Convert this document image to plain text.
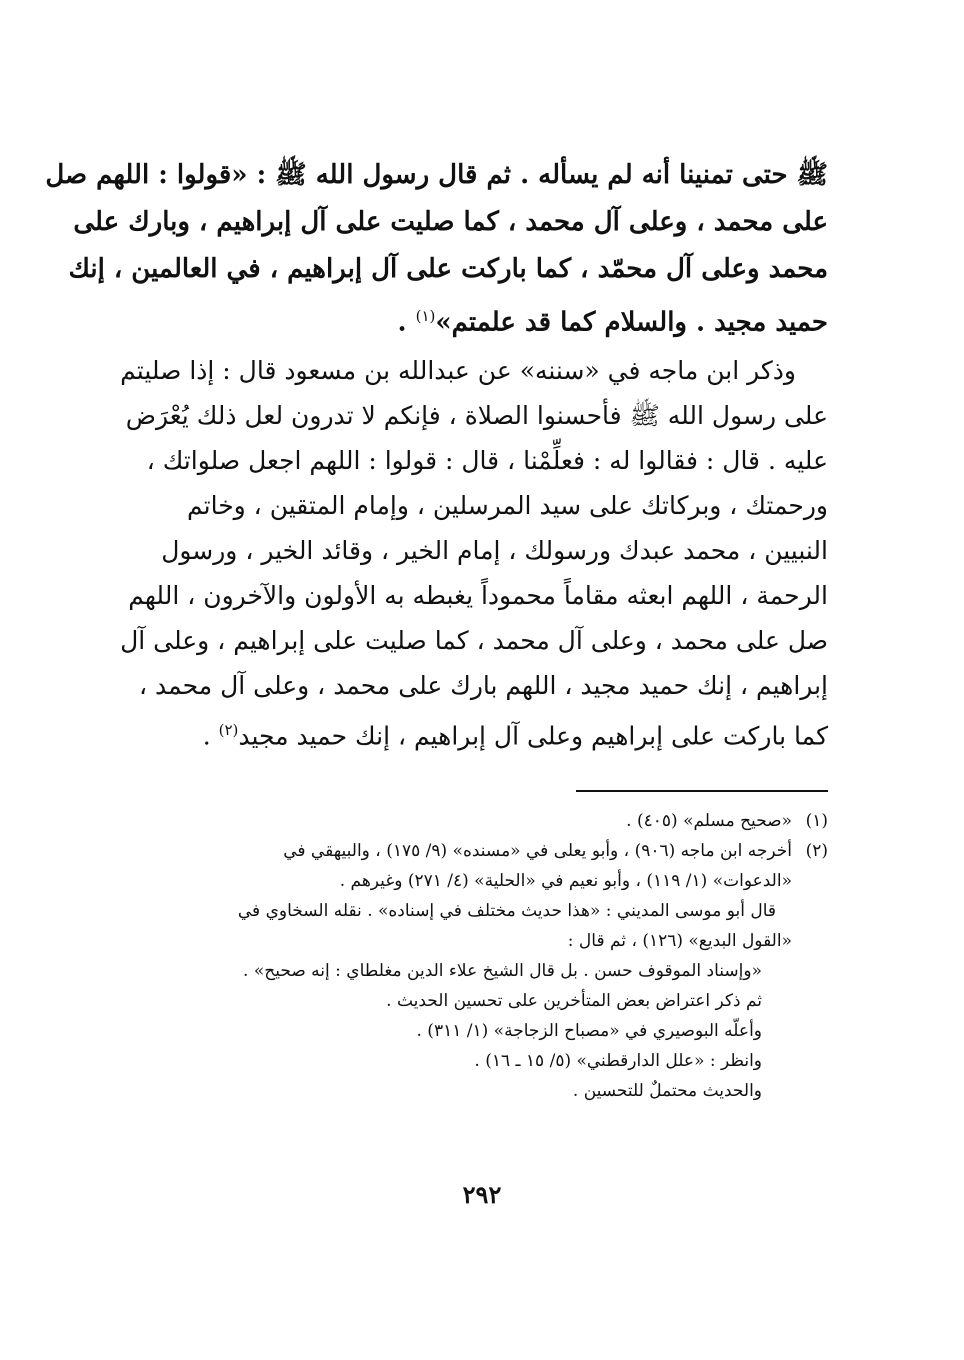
ﷺ حتى تمنينا أنه لم يسأله . ثم قال رسول الله ﷺ : «قولوا : اللهم صل
على محمد ، وعلى آل محمد ، كما صليت على آل إبراهيم ، وبارك على
محمد وعلى آل محمّد ، كما باركت على آل إبراهيم ، في العالمين ، إنك
حميد مجيد . والسلام كما قد علمتم»$^{(١)}$ .
وذكر ابن ماجه في «سننه» عن عبدالله بن مسعود قال : إذا صليتم
على رسول الله ﷺ فأحسنوا الصلاة ، فإنكم لا تدرون لعل ذلك يُعْرَض
عليه . قال : فقالوا له : فعلِّمْنا ، قال : قولوا : اللهم اجعل صلواتك ،
ورحمتك ، وبركاتك على سيد المرسلين ، وإمام المتقين ، وخاتم
النبيين ، محمد عبدك ورسولك ، إمام الخير ، وقائد الخير ، ورسول
الرحمة ، اللهم ابعثه مقاماً محموداً يغبطه به الأولون والآخرون ، اللهم
صل على محمد ، وعلى آل محمد ، كما صليت على إبراهيم ، وعلى آل
إبراهيم ، إنك حميد مجيد ، اللهم بارك على محمد ، وعلى آل محمد ،
كما باركت على إبراهيم وعلى آل إبراهيم ، إنك حميد مجيد$^{(٢)}$ .
(١)«صحيح مسلم» (٤٠٥) .
(٢)أخرجه ابن ماجه (٩٠٦) ، وأبو يعلى في «مسنده» (٩/ ١٧٥) ، والبيهقي في
«الدعوات» (١/ ١١٩) ، وأبو نعيم في «الحلية» (٤/ ٢٧١) وغيرهم .
قال أبو موسى المديني : «هذا حديث مختلف في إسناده» . نقله السخاوي في
«القول البديع» (١٢٦) ، ثم قال :
«وإسناد الموقوف حسن . بل قال الشيخ علاء الدين مغلطاي : إنه صحيح» .
ثم ذكر اعتراض بعض المتأخرين على تحسين الحديث .
وأعلّه البوصيري في «مصباح الزجاجة» (١/ ٣١١) .
وانظر : «علل الدارقطني» (٥/ ١٥ ـ ١٦) .
والحديث محتملٌ للتحسين .
٢٩٢
